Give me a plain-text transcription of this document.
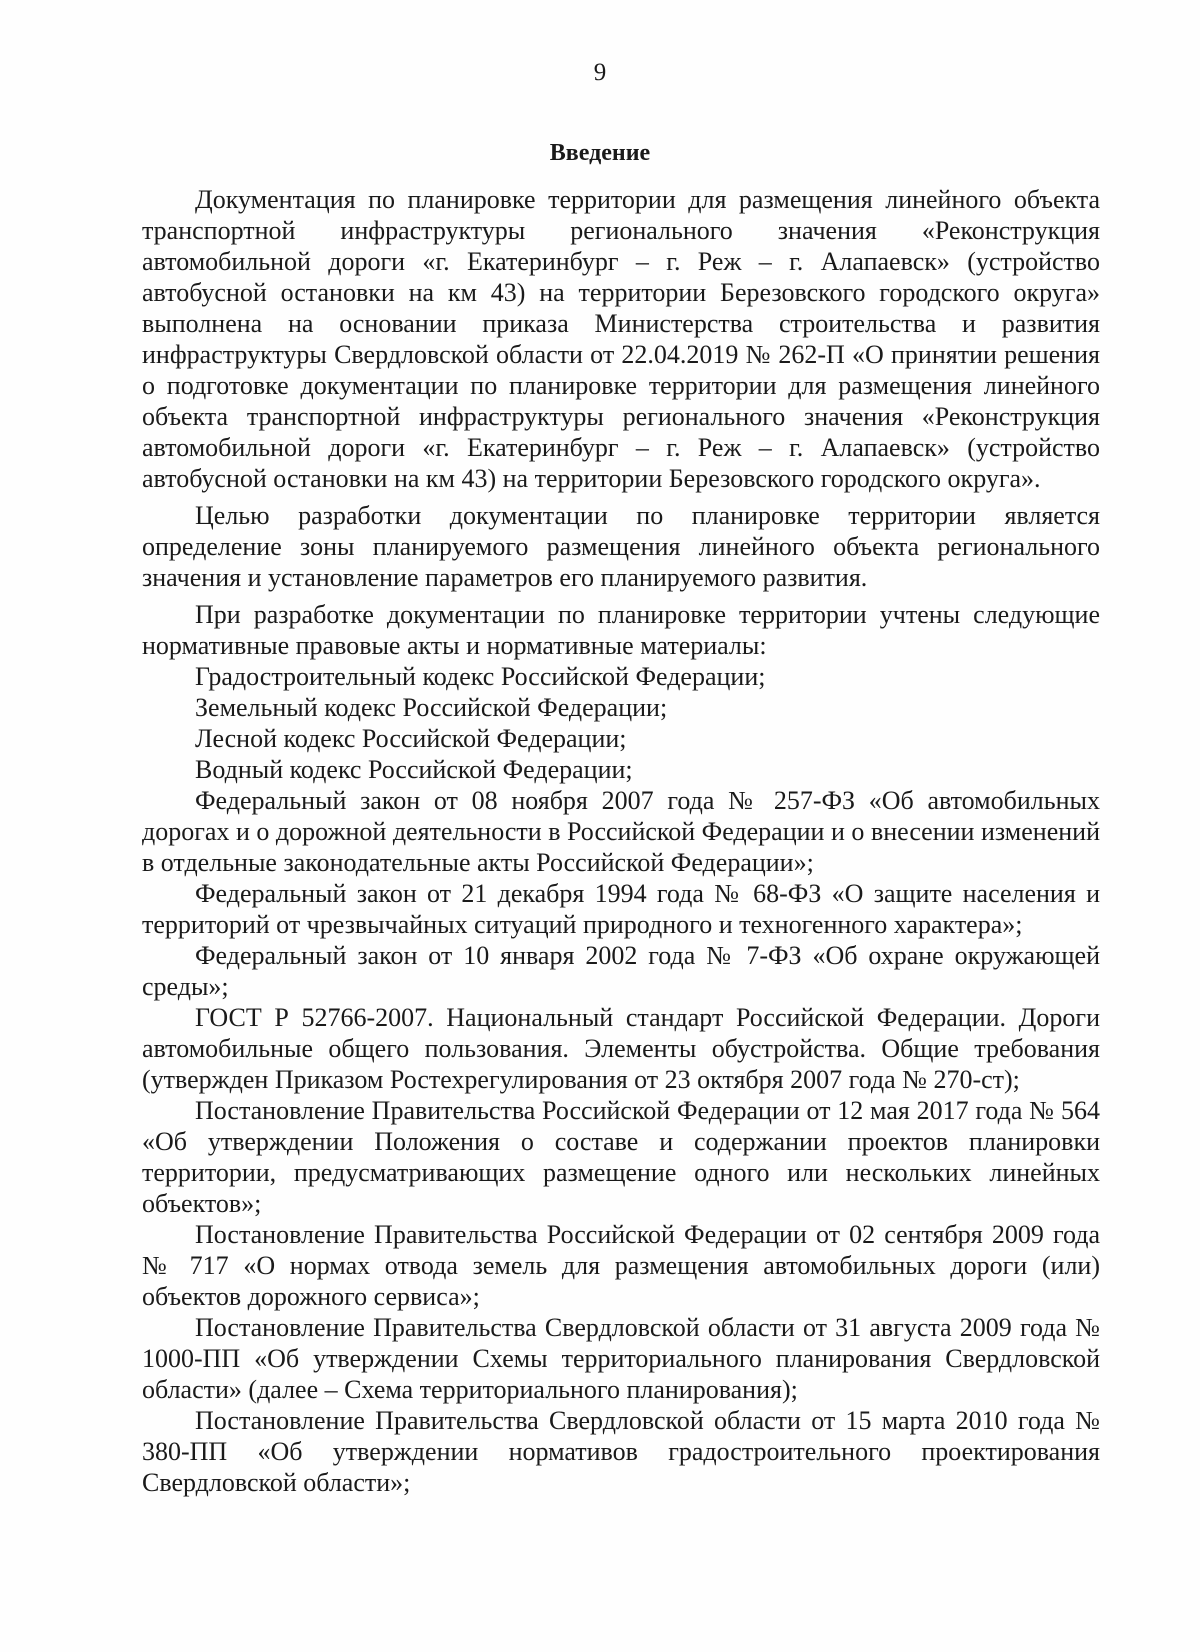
9
Введение

Документация по планировке территории для размещения линейного объекта транспортной инфраструктуры регионального значения «Реконструкция автомобильной дороги «г. Екатеринбург – г. Реж – г. Алапаевск» (устройство автобусной остановки на км 43) на территории Березовского городского округа» выполнена на основании приказа Министерства строительства и развития инфраструктуры Свердловской области от 22.04.2019 № 262-П «О принятии решения о подготовке документации по планировке территории для размещения линейного объекта транспортной инфраструктуры регионального значения «Реконструкция автомобильной дороги «г. Екатеринбург – г. Реж – г. Алапаевск» (устройство автобусной остановки на км 43) на территории Березовского городского округа».

Целью разработки документации по планировке территории является определение зоны планируемого размещения линейного объекта регионального значения и установление параметров его планируемого развития.

При разработке документации по планировке территории учтены следующие нормативные правовые акты и нормативные материалы:

Градостроительный кодекс Российской Федерации;

Земельный кодекс Российской Федерации;

Лесной кодекс Российской Федерации;

Водный кодекс Российской Федерации;

Федеральный закон от 08 ноября 2007 года № 257-ФЗ «Об автомобильных дорогах и о дорожной деятельности в Российской Федерации и о внесении изменений в отдельные законодательные акты Российской Федерации»;

Федеральный закон от 21 декабря 1994 года № 68-ФЗ «О защите населения и территорий от чрезвычайных ситуаций природного и техногенного характера»;

Федеральный закон от 10 января 2002 года № 7-ФЗ «Об охране окружающей среды»;

ГОСТ Р 52766-2007. Национальный стандарт Российской Федерации. Дороги автомобильные общего пользования. Элементы обустройства. Общие требования (утвержден Приказом Ростехрегулирования от 23 октября 2007 года № 270-ст);

Постановление Правительства Российской Федерации от 12 мая 2017 года № 564 «Об утверждении Положения о составе и содержании проектов планировки территории, предусматривающих размещение одного или нескольких линейных объектов»;

Постановление Правительства Российской Федерации от 02 сентября 2009 года № 717 «О нормах отвода земель для размещения автомобильных дороги (или) объектов дорожного сервиса»;

Постановление Правительства Свердловской области от 31 августа 2009 года № 1000-ПП «Об утверждении Схемы территориального планирования Свердловской области» (далее – Схема территориального планирования);

Постановление Правительства Свердловской области от 15 марта 2010 года № 380-ПП «Об утверждении нормативов градостроительного проектирования Свердловской области»;
